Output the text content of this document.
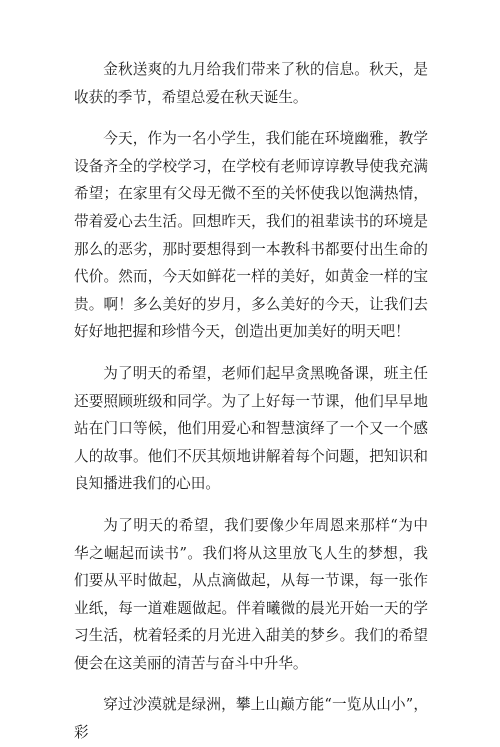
金秋送爽的九月给我们带来了秋的信息。秋天，是收获的季节，希望总爱在秋天诞生。

今天，作为一名小学生，我们能在环境幽雅，教学设备齐全的学校学习，在学校有老师谆谆教导使我充满希望；在家里有父母无微不至的关怀使我以饱满热情，带着爱心去生活。回想昨天，我们的祖辈读书的环境是那么的恶劣，那时要想得到一本教科书都要付出生命的代价。然而，今天如鲜花一样的美好，如黄金一样的宝贵。啊！多么美好的岁月，多么美好的今天，让我们去好好地把握和珍惜今天，创造出更加美好的明天吧！

为了明天的希望，老师们起早贪黑晚备课，班主任还要照顾班级和同学。为了上好每一节课，他们早早地站在门口等候，他们用爱心和智慧演绎了一个又一个感人的故事。他们不厌其烦地讲解着每个问题，把知识和良知播进我们的心田。

为了明天的希望，我们要像少年周恩来那样“为中华之崛起而读书”。我们将从这里放飞人生的梦想，我们要从平时做起，从点滴做起，从每一节课，每一张作业纸，每一道难题做起。伴着曦微的晨光开始一天的学习生活，枕着轻柔的月光进入甜美的梦乡。我们的希望便会在这美丽的清苦与奋斗中升华。

穿过沙漠就是绿洲，攀上山巅方能“一览从山小”，彩
